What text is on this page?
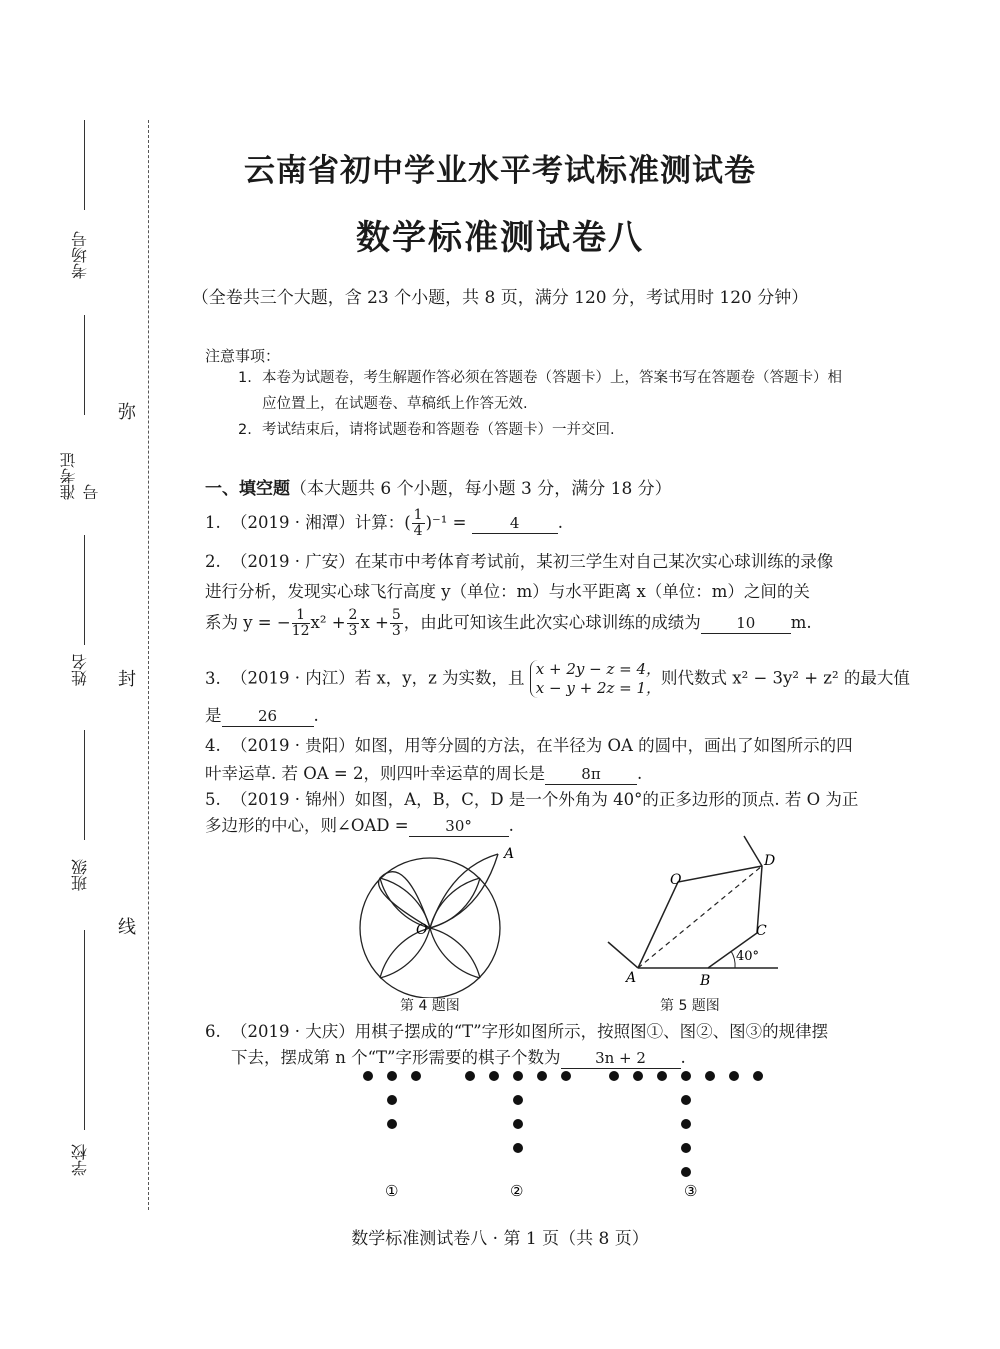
考场号
准考证号
姓名
班级
学校
弥
封
线
云南省初中学业水平考试标准测试卷
数学标准测试卷八
（全卷共三个大题，含 23 个小题，共 8 页，满分 120 分，考试用时 120 分钟）
注意事项：
1. 本卷为试题卷，考生解题作答必须在答题卷（答题卡）上，答案书写在答题卷（答题卡）相
应位置上，在试题卷、草稿纸上作答无效.
2. 考试结束后，请将试题卷和答题卷（答题卡）一并交回.
一、填空题（本大题共 6 个小题，每小题 3 分，满分 18 分）
1. （2019 · 湘潭）计算：( $\frac{1}{4} )^{-1}$ =	4 .
2. （2019 · 广安）在某市中考体育考试前，某初三学生对自己某次实心球训练的录像
进行分析，发现实心球飞行高度 y（单位：m）与水平距离 x（单位：m）之间的关
系为 y = − $\frac{1}{12} x^2 + \frac{2}{3}$ $x + \frac{5}{3}$ ，由此可知该生此次实心球训练的成绩为 10 m.
3. （2019 · 内江）若 x，y，z 为实数，且 x + 2y − z = 4，
x − y + 2z = 1，
则代数式 x² − 3y² + z² 的最大值
是 26 .
4. （2019 · 贵阳）如图，用等分圆的方法，在半径为 OA 的圆中，画出了如图所示的四
叶幸运草. 若 OA = 2，则四叶幸运草的周长是 8π .
5. （2019 · 锦州）如图，A，B，C，D 是一个外角为 40°的正多边形的顶点. 若 O 为正
多边形的中心，则∠OAD = 30° .
A
O
第 4 题图
O
D
C
A	B
40°
第 5 题图
6. （2019 · 大庆）用棋子摆成的“T”字形如图所示，按照图①、图②、图③的规律摆
下去，摆成第 n 个“T”字形需要的棋子个数为 3n + 2 .
①	②	③
数学标准测试卷八 · 第 1 页（共 8 页）
